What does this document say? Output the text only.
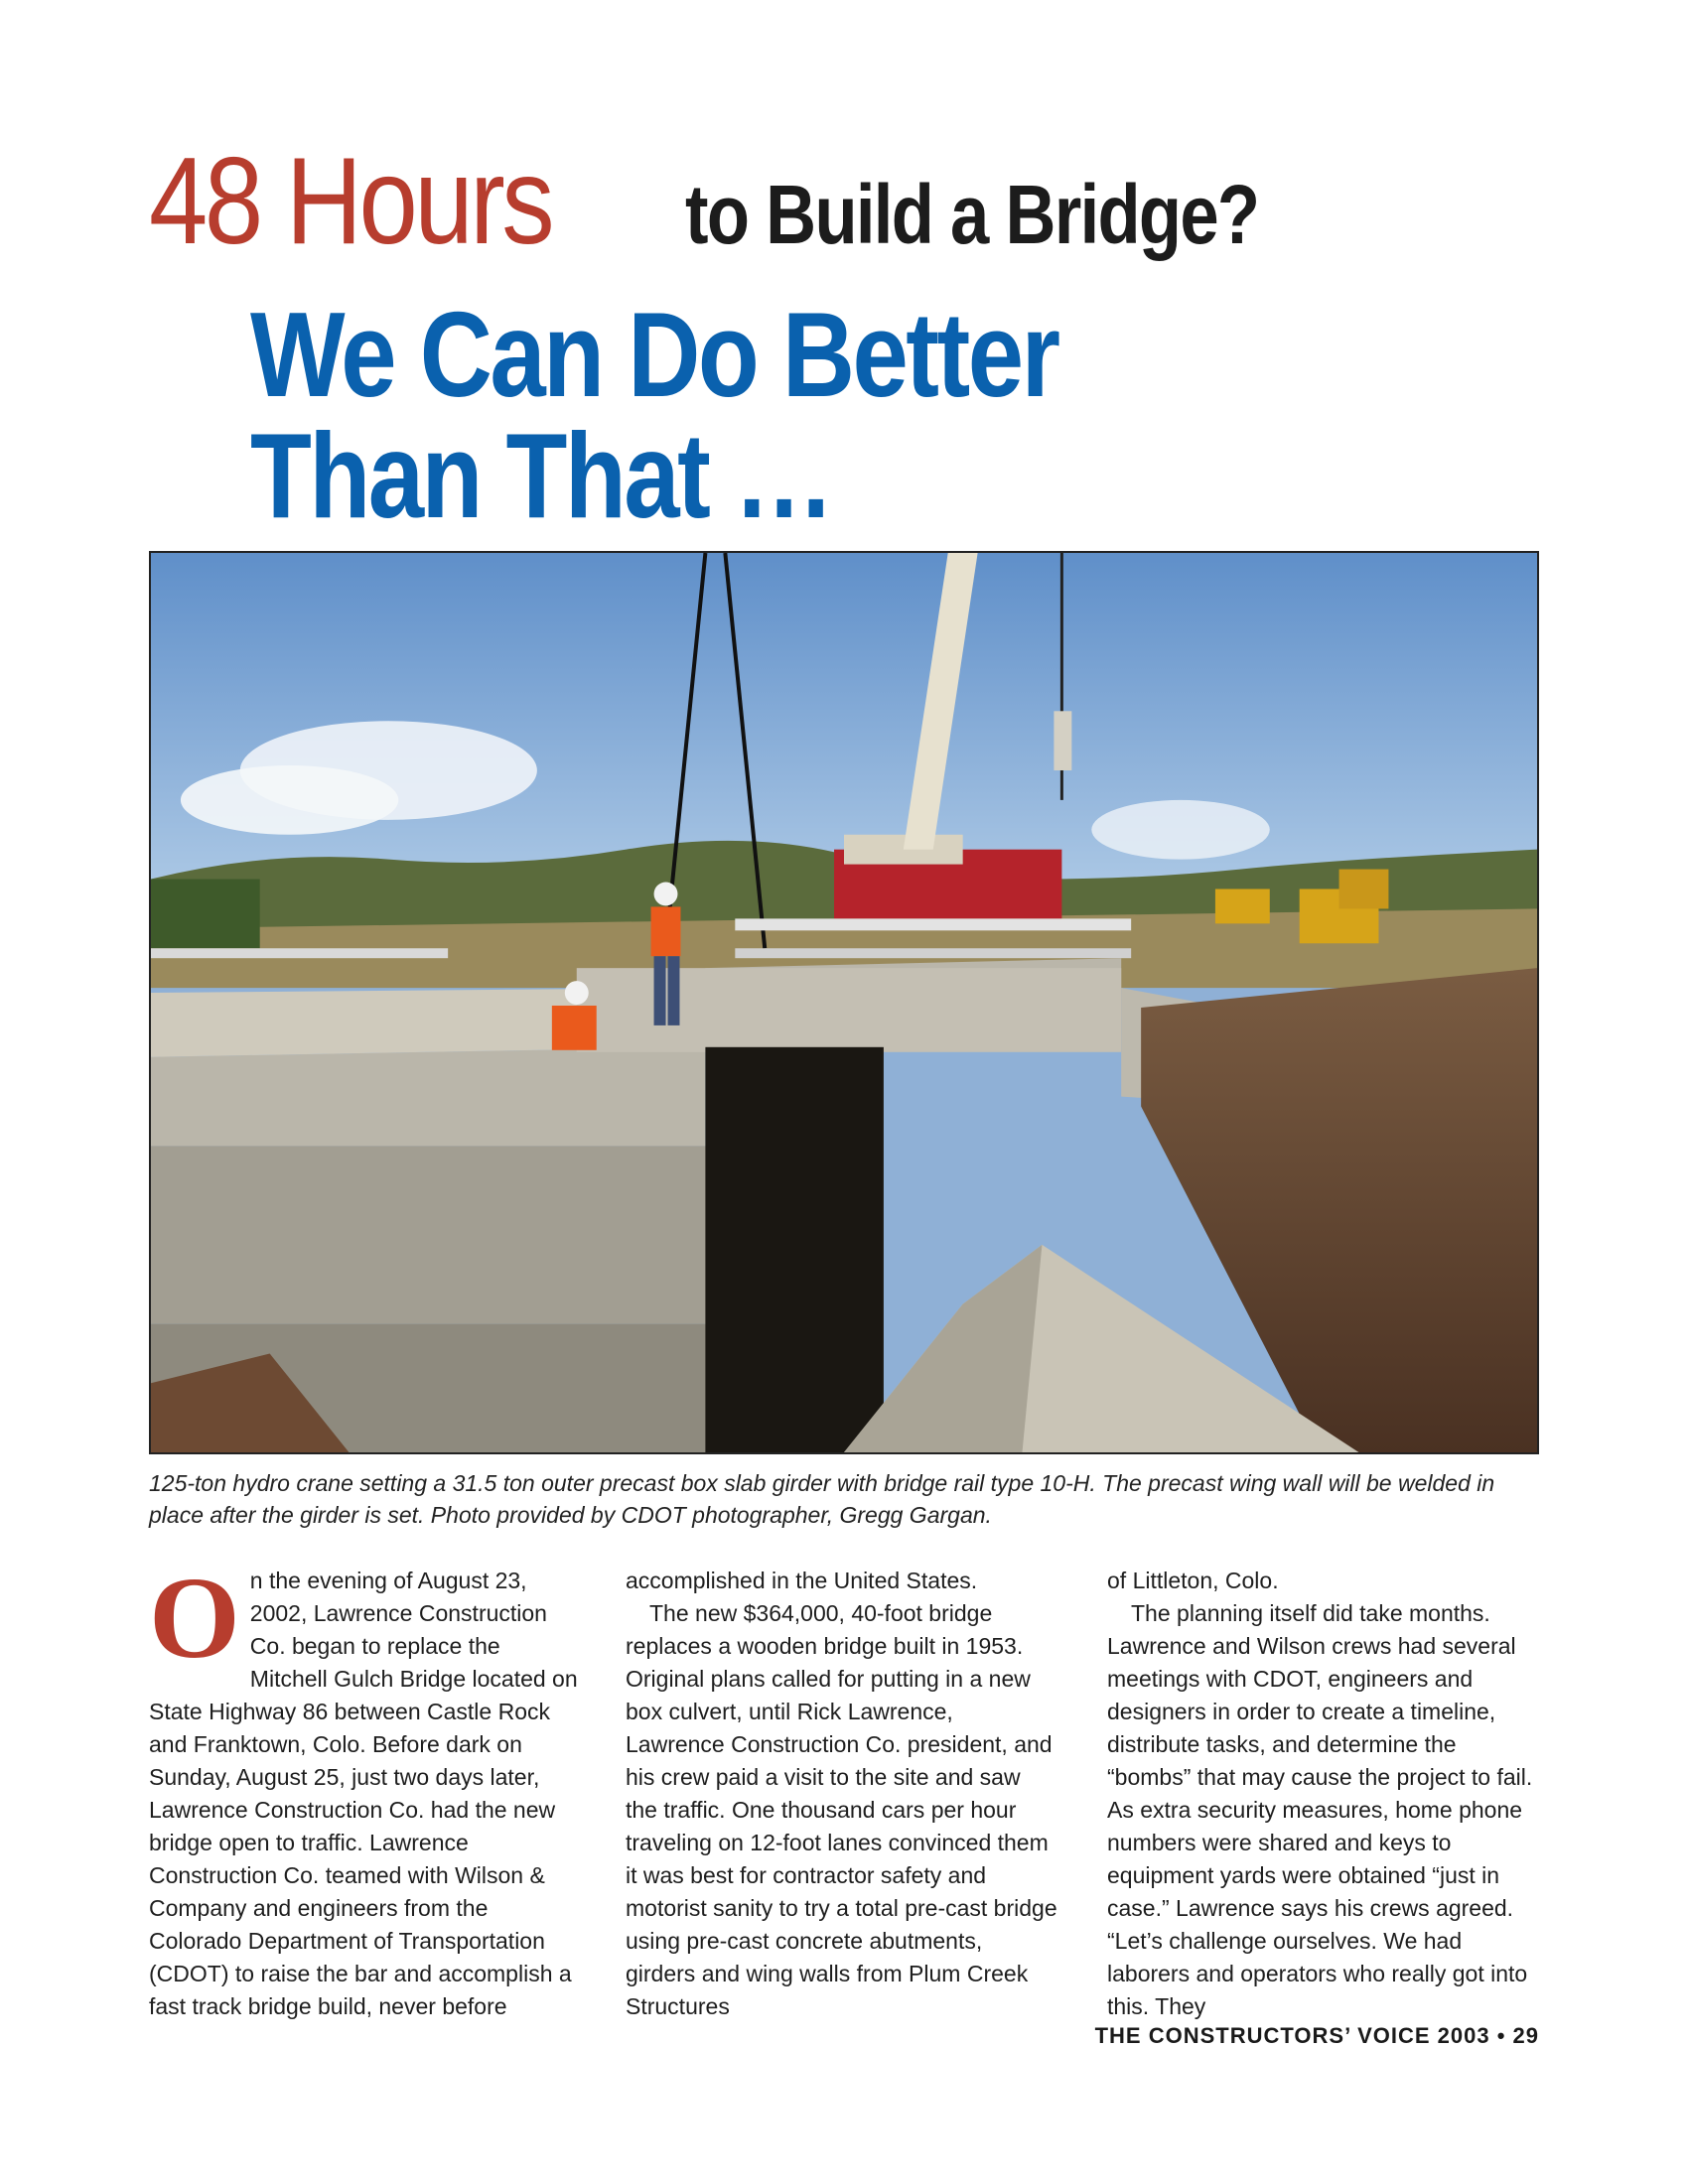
48 Hours to Build a Bridge?
We Can Do Better
Than That …
125-ton hydro crane setting a 31.5 ton outer precast box slab girder with bridge rail type 10-H. The precast wing wall will be welded in place after the girder is set. Photo provided by CDOT photographer, Gregg Gargan.
O n the evening of August 23, 2002, Lawrence Construction Co. began to replace the Mitchell Gulch Bridge located on State Highway 86 between Castle Rock and Franktown, Colo. Before dark on Sunday, August 25, just two days later, Lawrence Construction Co. had the new bridge open to traffic. Lawrence Construction Co. teamed with Wilson & Company and engineers from the Colorado Department of Transportation (CDOT) to raise the bar and accomplish a fast track bridge build, never before

accomplished in the United States.

The new $364,000, 40-foot bridge replaces a wooden bridge built in 1953. Original plans called for putting in a new box culvert, until Rick Lawrence, Lawrence Construction Co. president, and his crew paid a visit to the site and saw the traffic. One thousand cars per hour traveling on 12-foot lanes convinced them it was best for contractor safety and motorist sanity to try a total pre-cast bridge using pre-cast concrete abutments, girders and wing walls from Plum Creek Structures

of Littleton, Colo.

The planning itself did take months. Lawrence and Wilson crews had several meetings with CDOT, engineers and designers in order to create a timeline, distribute tasks, and determine the “bombs” that may cause the project to fail. As extra security measures, home phone numbers were shared and keys to equipment yards were obtained “just in case.” Lawrence says his crews agreed. “Let’s challenge ourselves. We had laborers and operators who really got into this. They

THE CONSTRUCTORS’ VOICE 2003 • 29
